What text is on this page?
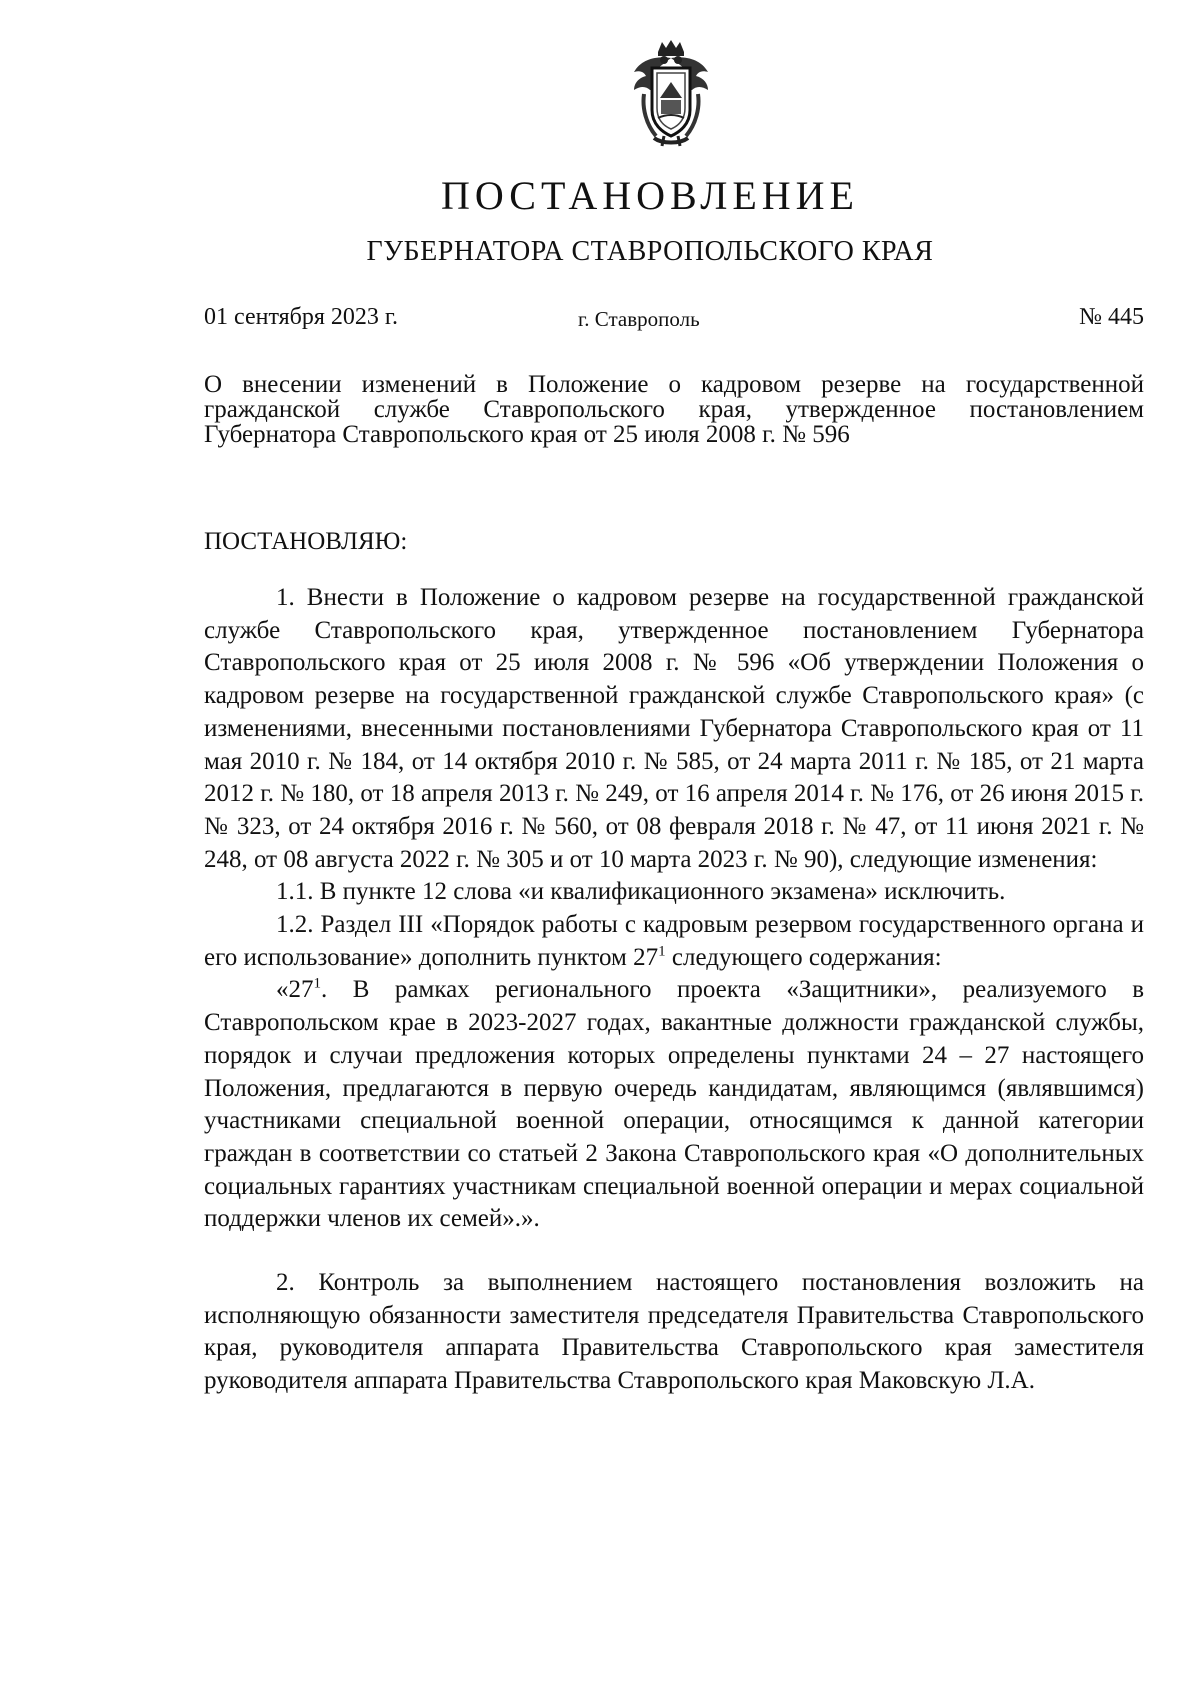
ПОСТАНОВЛЕНИЕ
ГУБЕРНАТОРА СТАВРОПОЛЬСКОГО КРАЯ
01 сентября 2023 г.	г. Ставрополь	№ 445
О внесении изменений в Положение о кадровом резерве на государственной гражданской службе Ставропольского края, утвержденное постановлением Губернатора Ставропольского края от 25 июля 2008 г. № 596
ПОСТАНОВЛЯЮ:

1. Внести в Положение о кадровом резерве на государственной гражданской службе Ставропольского края, утвержденное постановлением Губернатора Ставропольского края от 25 июля 2008 г. № 596 «Об утверждении Положения о кадровом резерве на государственной гражданской службе Ставропольского края» (с изменениями, внесенными постановлениями Губернатора Ставропольского края от 11 мая 2010 г. № 184, от 14 октября 2010 г. № 585, от 24 марта 2011 г. № 185, от 21 марта 2012 г. № 180, от 18 апреля 2013 г. № 249, от 16 апреля 2014 г. № 176, от 26 июня 2015 г. № 323, от 24 октября 2016 г. № 560, от 08 февраля 2018 г. № 47, от 11 июня 2021 г. № 248, от 08 августа 2022 г. № 305 и от 10 марта 2023 г. № 90), следующие изменения:

1.1. В пункте 12 слова «и квалификационного экзамена» исключить.

1.2. Раздел III «Порядок работы с кадровым резервом государственного органа и его использование» дополнить пунктом $27^1$ следующего содержания:

«$27^1$. В рамках регионального проекта «Защитники», реализуемого в Ставропольском крае в 2023-2027 годах, вакантные должности гражданской службы, порядок и случаи предложения которых определены пунктами 24 – 27 настоящего Положения, предлагаются в первую очередь кандидатам, являющимся (являвшимся) участниками специальной военной операции, относящимся к данной категории граждан в соответствии со статьей 2 Закона Ставропольского края «О дополнительных социальных гарантиях участникам специальной военной операции и мерах социальной поддержки членов их семей».».

2. Контроль за выполнением настоящего постановления возложить на исполняющую обязанности заместителя председателя Правительства Ставропольского края, руководителя аппарата Правительства Ставропольского края заместителя руководителя аппарата Правительства Ставропольского края Маковскую Л.А.
